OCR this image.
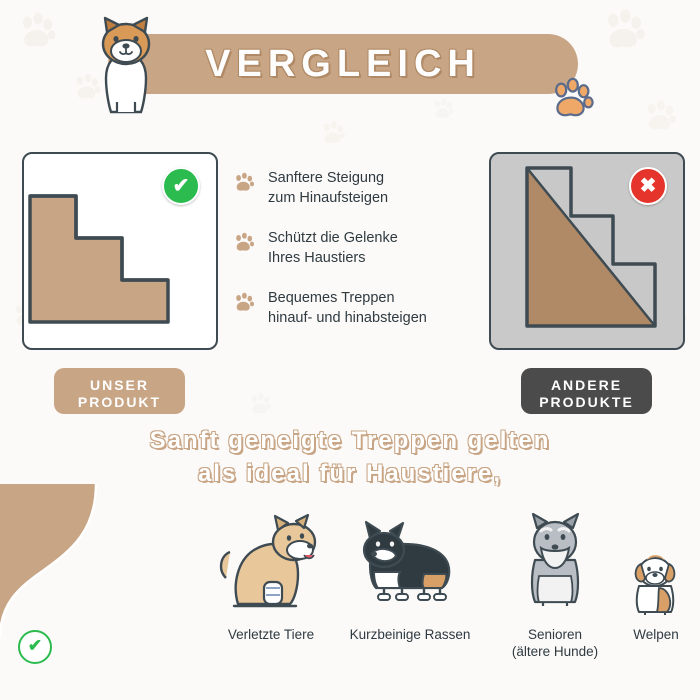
VERGLEICH
✔	✖
UNSER
PRODUKT
ANDERE
PRODUKTE
Sanftere Steigung
zum Hinaufsteigen
Schützt die Gelenke
Ihres Haustiers
Bequemes Treppen
hinauf- und hinabsteigen
Sanft geneigte Treppen gelten
als ideal für Haustiere,
✔
Verletzte Tiere	Kurzbeinige Rassen	Senioren
(ältere Hunde)
Welpen
